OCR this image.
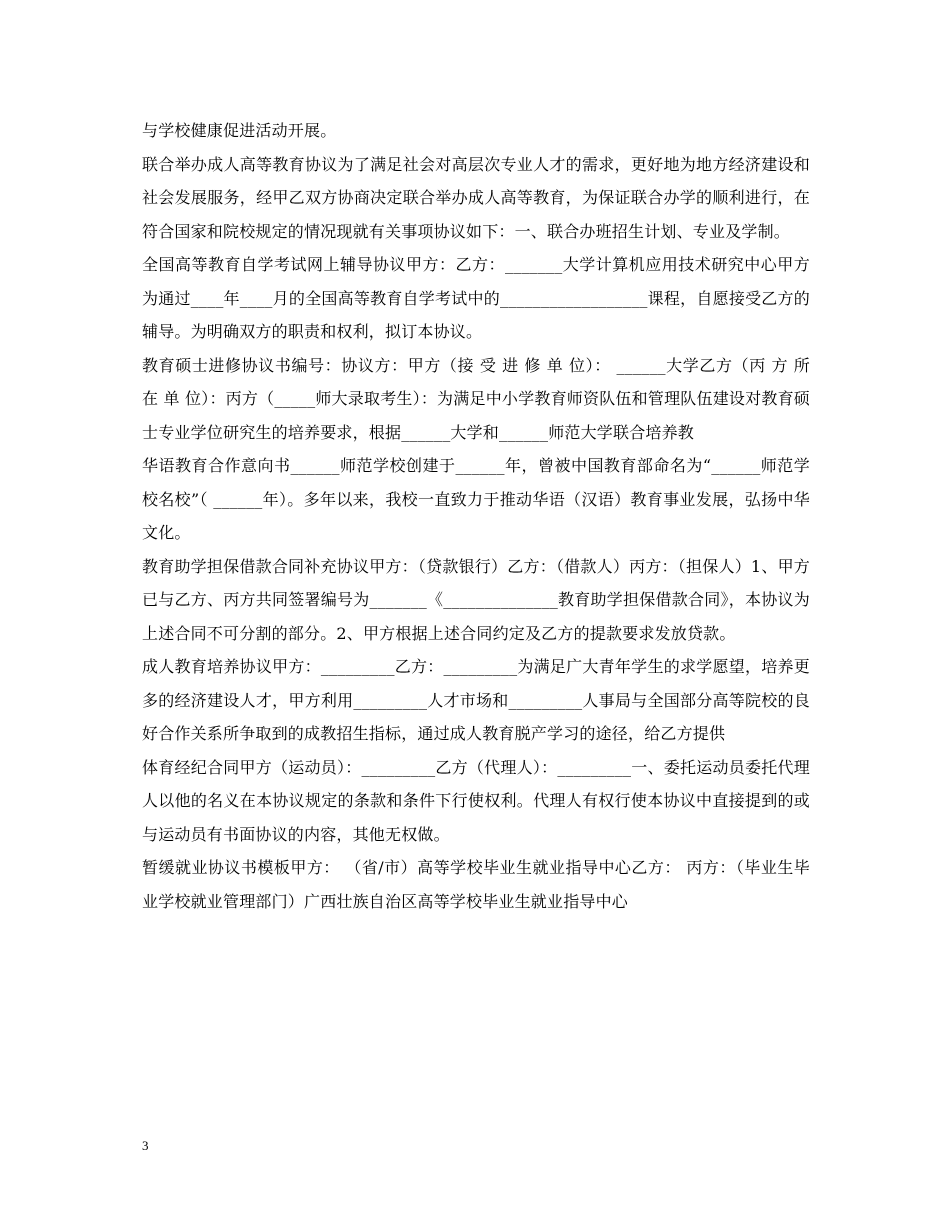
与学校健康促进活动开展。

联合举办成人高等教育协议为了满足社会对高层次专业人才的需求，更好地为地方经济建设和社会发展服务，经甲乙双方协商决定联合举办成人高等教育，为保证联合办学的顺利进行，在符合国家和院校规定的情况现就有关事项协议如下：一、联合办班招生计划、专业及学制。

全国高等教育自学考试网上辅导协议甲方：乙方：_______大学计算机应用技术研究中心甲方为通过____年____月的全国高等教育自学考试中的__________________课程，自愿接受乙方的辅导。为明确双方的职责和权利，拟订本协议。

教育硕士进修协议书编号：协议方：甲方（接 受 进 修 单 位）： ______大学乙方（丙 方 所 在 单 位）：丙方（_____师大录取考生）：为满足中小学教育师资队伍和管理队伍建设对教育硕士专业学位研究生的培养要求，根据______大学和______师范大学联合培养教

华语教育合作意向书______师范学校创建于______年，曾被中国教育部命名为“______师范学校名校”（ ______年）。多年以来，我校一直致力于推动华语（汉语）教育事业发展，弘扬中华文化。

教育助学担保借款合同补充协议甲方：（贷款银行）乙方：（借款人）丙方：（担保人）1、甲方已与乙方、丙方共同签署编号为_______《______________教育助学担保借款合同》，本协议为上述合同不可分割的部分。2、甲方根据上述合同约定及乙方的提款要求发放贷款。

成人教育培养协议甲方：_________乙方：_________为满足广大青年学生的求学愿望，培养更多的经济建设人才，甲方利用_________人才市场和_________人事局与全国部分高等院校的良好合作关系所争取到的成教招生指标，通过成人教育脱产学习的途径，给乙方提供

体育经纪合同甲方（运动员）：_________乙方（代理人）：_________一、委托运动员委托代理人以他的名义在本协议规定的条款和条件下行使权利。代理人有权行使本协议中直接提到的或与运动员有书面协议的内容，其他无权做。

暂缓就业协议书模板甲方： （省/市）高等学校毕业生就业指导中心乙方： 丙方：（毕业生毕业学校就业管理部门）广西壮族自治区高等学校毕业生就业指导中心

3
